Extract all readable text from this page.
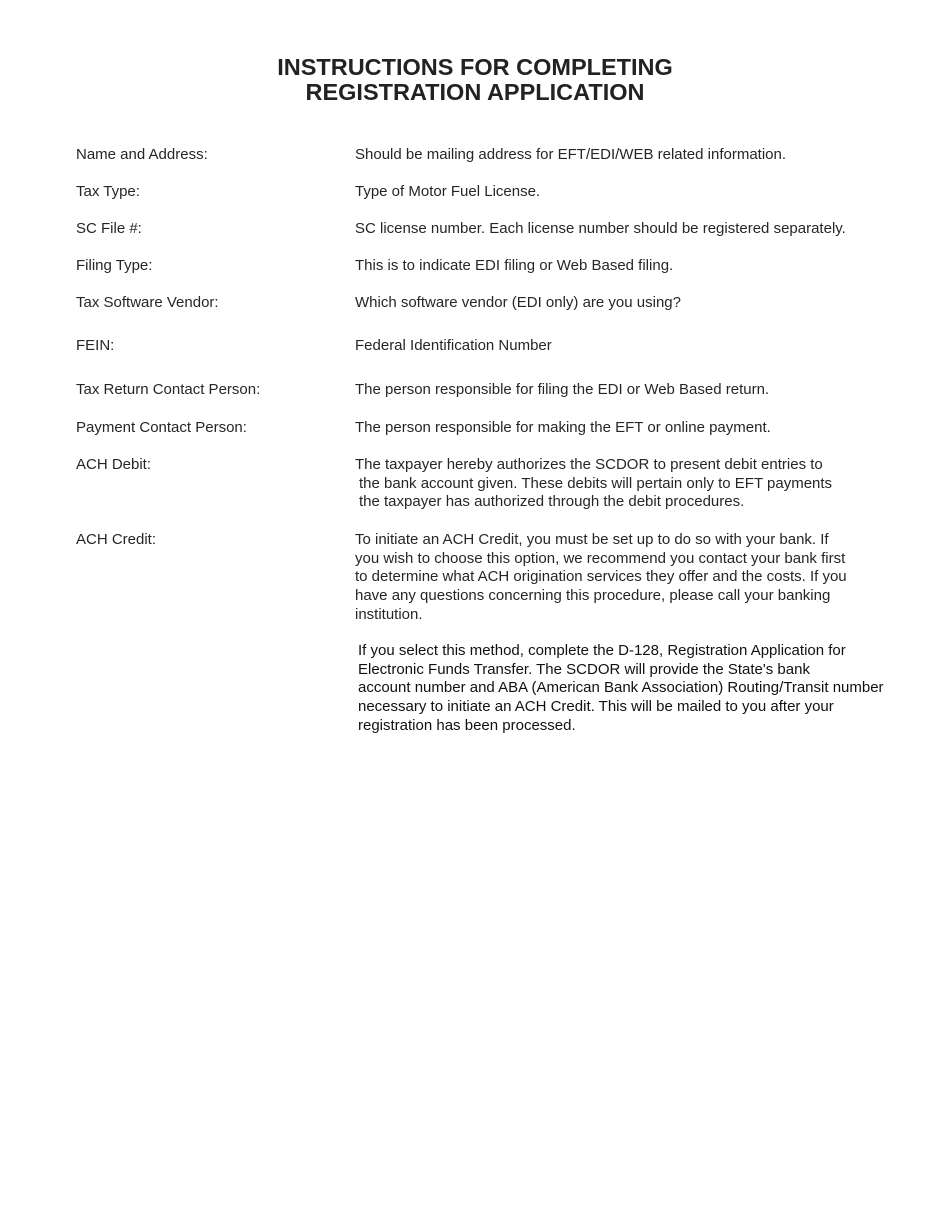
INSTRUCTIONS FOR COMPLETING
REGISTRATION APPLICATION
Name and Address:	Should be mailing address for EFT/EDI/WEB related information.
Tax Type:	Type of Motor Fuel License.
SC File #:	SC license number. Each license number should be registered separately.
Filing Type:	This is to indicate EDI filing or Web Based filing.
Tax Software Vendor:	Which software vendor (EDI only) are you using?
FEIN:	Federal Identification Number
Tax Return Contact Person:	The person responsible for filing the EDI or Web Based return.
Payment Contact Person:	The person responsible for making the EFT or online payment.
ACH Debit:	The taxpayer hereby authorizes the SCDOR to present debit entries to
the bank account given. These debits will pertain only to EFT payments
the taxpayer has authorized through the debit procedures.
ACH Credit:	To initiate an ACH Credit, you must be set up to do so with your bank. If
you wish to choose this option, we recommend you contact your bank first
to determine what ACH origination services they offer and the costs. If you
have any questions concerning this procedure, please call your banking
institution.
If you select this method, complete the D-128, Registration Application for
Electronic Funds Transfer. The SCDOR will provide the State's bank
account number and ABA (American Bank Association) Routing/Transit number
necessary to initiate an ACH Credit. This will be mailed to you after your
registration has been processed.
